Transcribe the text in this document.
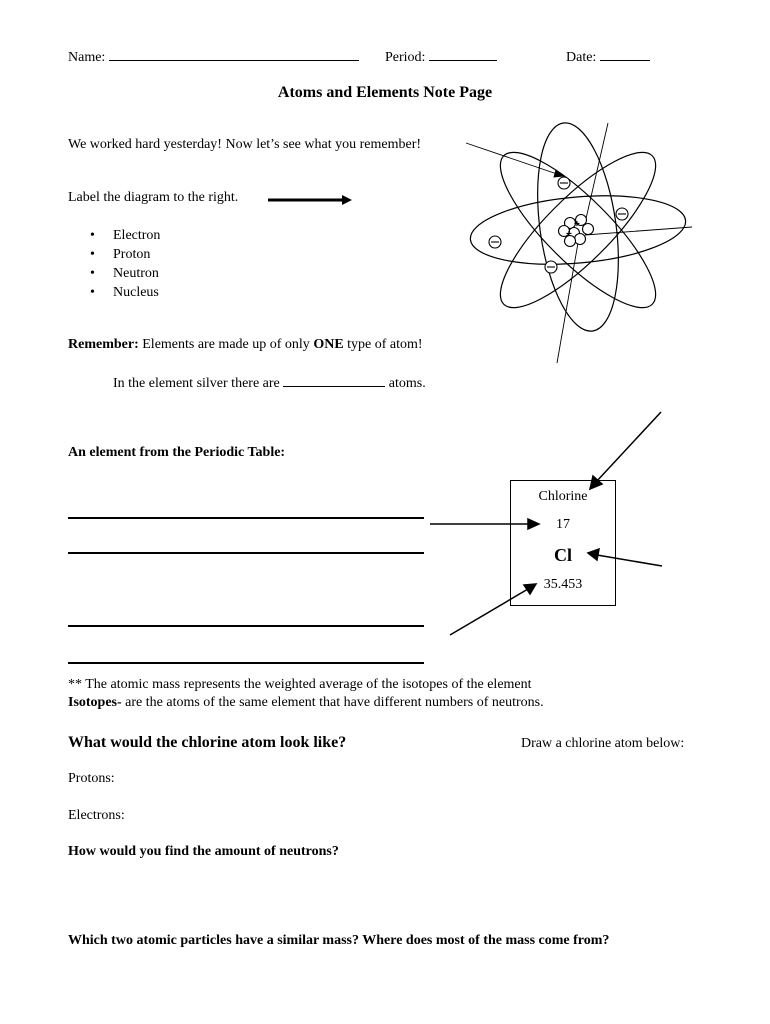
Name:	Period:	Date:
Atoms and Elements Note Page
We worked hard yesterday! Now let’s see what you remember!
Label the diagram to the right.
• Electron
• Proton
• Neutron
• Nucleus
+
+
Remember: Elements are made up of only ONE type of atom!
In the element silver there are	atoms.
An element from the Periodic Table:
Chlorine
17
Cl
35.453
** The atomic mass represents the weighted average of the isotopes of the element
Isotopes- are the atoms of the same element that have different numbers of neutrons.
What would the chlorine atom look like?	Draw a chlorine atom below:
Protons:
Electrons:
How would you find the amount of neutrons?
Which two atomic particles have a similar mass? Where does most of the mass come from?
